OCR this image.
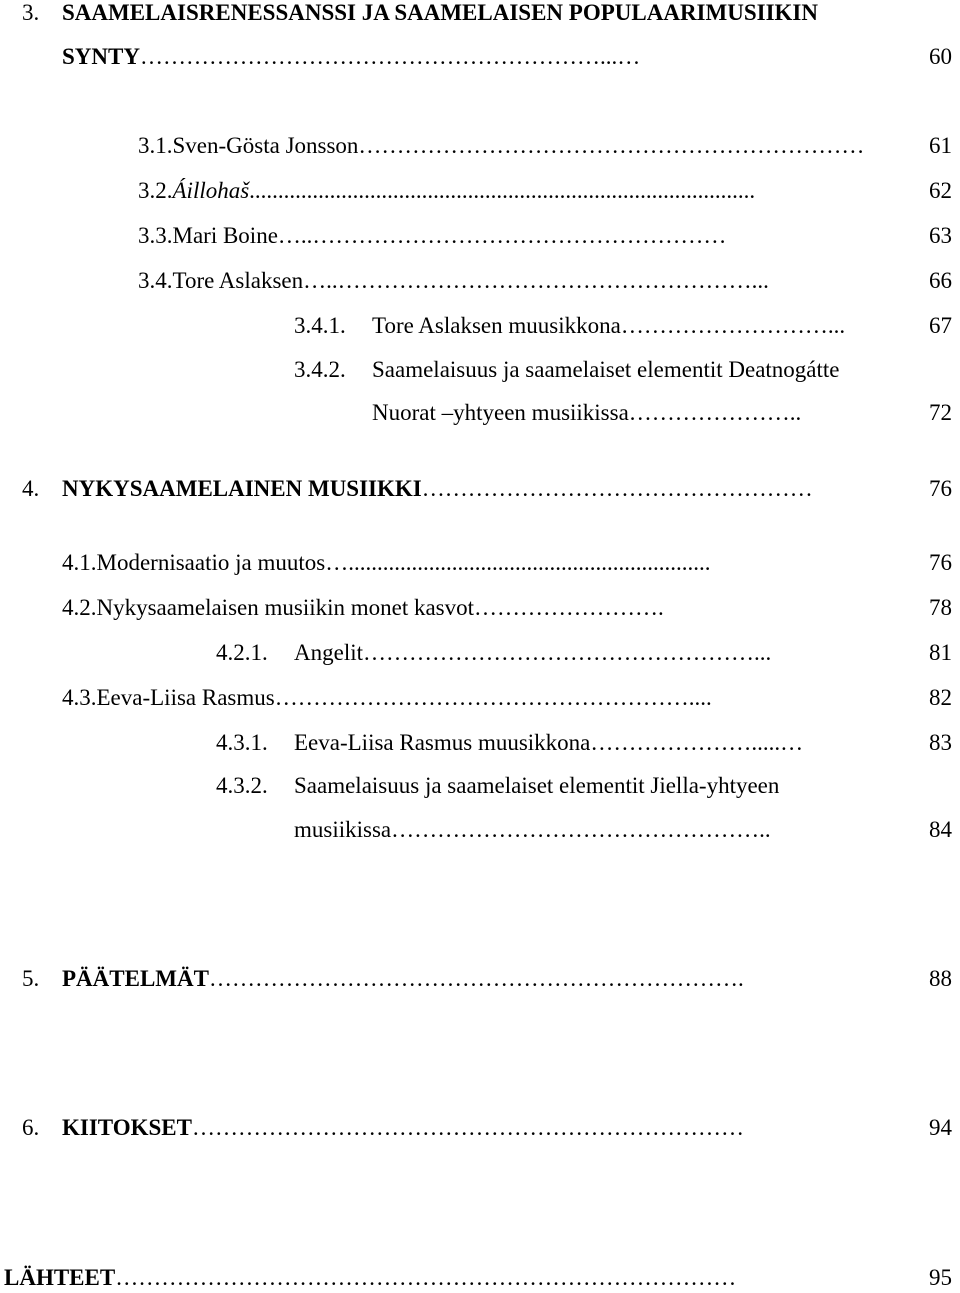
3. SAAMELAISRENESSANSSI JA SAAMELAISEN POPULAARIMUSIIKIN
SYNTY ……………………………………………………...…	60
3.1. Sven-Gösta Jonsson …………………………………………………………	61
3.2. Áillohaš ........................................................................................	62
3.3. Mari Boine …..………………………………………………	63
3.4. Tore Aslaksen …..………………………………………………...	66
3.4.1.	Tore Aslaksen muusikkona ………………………...	67
3.4.2. Saamelaisuus ja saamelaiset elementit Deatnogátte
Nuorat –yhtyeen musiikissa …………………..	72
4. NYKYSAAMELAINEN MUSIIKKI ……………………………………………	76
4.1. Modernisaatio ja muutos …...............................................................	76
4.2. Nykysaamelaisen musiikin monet kasvot …………………….	78
4.2.1.	Angelit ……………………………………………...	81
4.3. Eeva-Liisa Rasmus ………………………………………………....	82
4.3.1.	Eeva-Liisa Rasmus muusikkona ………………….....…	83
4.3.2. Saamelaisuus ja saamelaiset elementit Jiella-yhtyeen
musiikissa …………………………………………..	84
5. PÄÄTELMÄT …………………………………………………………….	88
6. KIITOKSET ………………………………………………………………	94
LÄHTEET ………………………………………………………………………	95
